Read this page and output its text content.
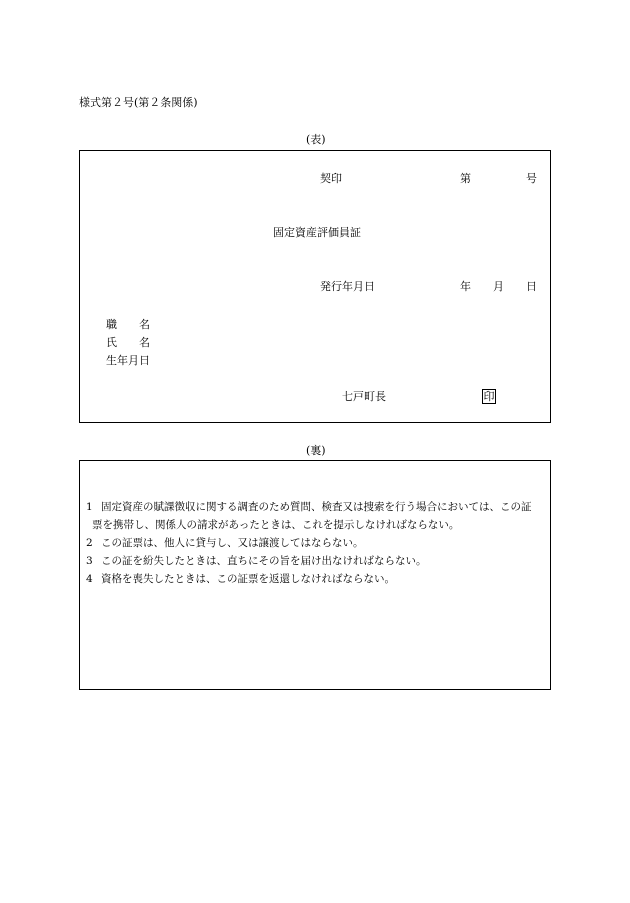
様式第２号(第２条関係)
(表)
契印	第	号
固定資産評価員証
発行年月日	年 月 日
職　　名
氏　　名
生年月日
七戸町長	印
(裏)
1 固定資産の賦課徴収に関する調査のため質問、検査又は捜索を行う場合においては、この証
票を携帯し、関係人の請求があったときは、これを提示しなければならない。
2 この証票は、他人に貸与し、又は譲渡してはならない。
3 この証を紛失したときは、直ちにその旨を届け出なければならない。
4 資格を喪失したときは、この証票を返還しなければならない。
